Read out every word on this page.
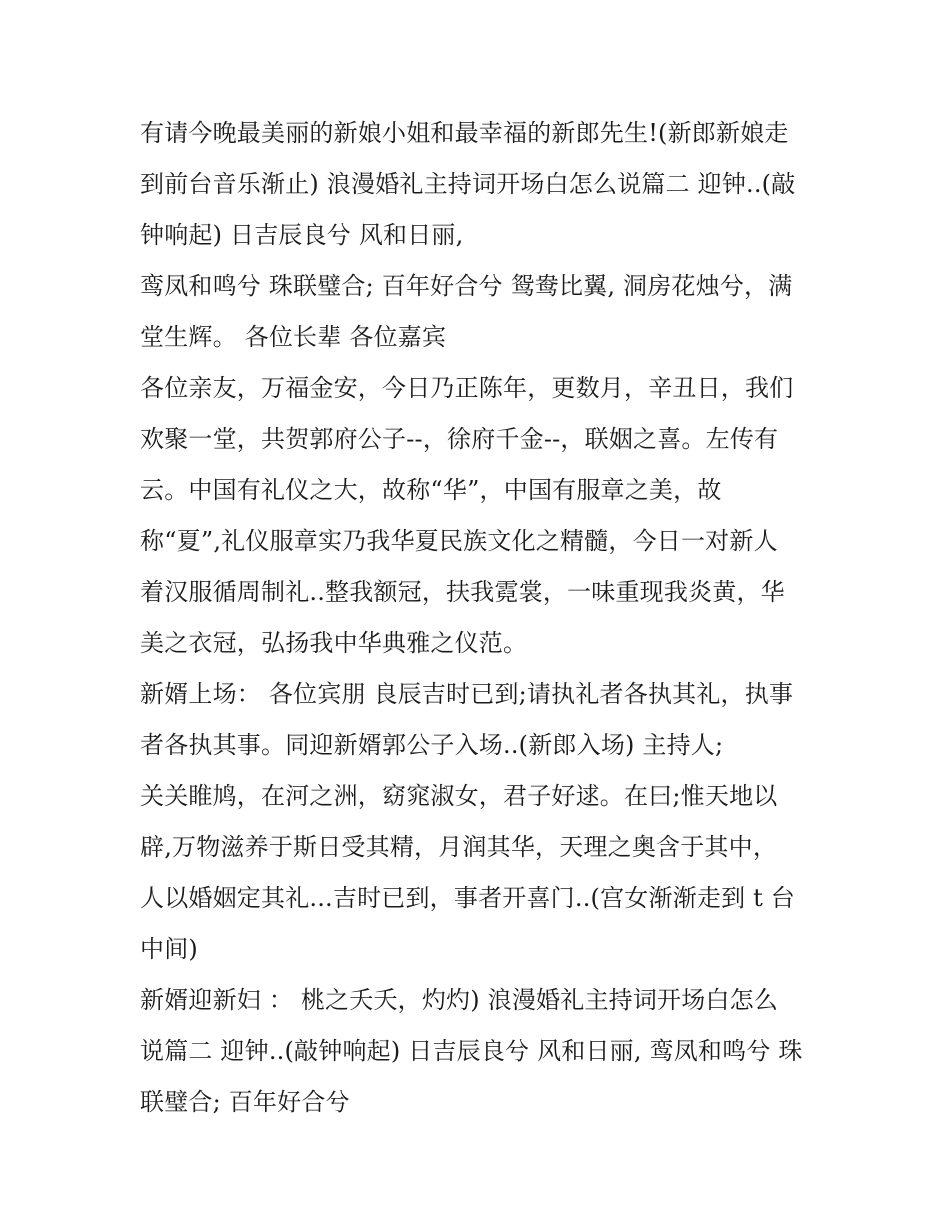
有请今晚最美丽的新娘小姐和最幸福的新郎先生!(新郎新娘走
到前台音乐渐止) 浪漫婚礼主持词开场白怎么说篇二 迎钟..(敲
钟响起) 日吉辰良兮 风和日丽,
鸾凤和鸣兮 珠联璧合; 百年好合兮 鸳鸯比翼, 洞房花烛兮，满
堂生辉。 各位长辈 各位嘉宾
各位亲友，万福金安，今日乃正陈年，更数月，辛丑日，我们
欢聚一堂，共贺郭府公子--，徐府千金--，联姻之喜。左传有
云。中国有礼仪之大，故称“华”，中国有服章之美，故
称“夏”,礼仪服章实乃我华夏民族文化之精髓，今日一对新人
着汉服循周制礼..整我额冠，扶我霓裳，一味重现我炎黄，华
美之衣冠，弘扬我中华典雅之仪范。
新婿上场： 各位宾朋 良辰吉时已到;请执礼者各执其礼，执事
者各执其事。同迎新婿郭公子入场..(新郎入场) 主持人;
关关睢鸠，在河之洲，窈窕淑女，君子好逑。在曰;惟天地以
辟,万物滋养于斯日受其精，月润其华，天理之奥含于其中，
人以婚姻定其礼...吉时已到，事者开喜门..(宫女渐渐走到 t 台
中间)
新婿迎新妇 ： 桃之夭夭，灼灼) 浪漫婚礼主持词开场白怎么
说篇二 迎钟..(敲钟响起) 日吉辰良兮 风和日丽, 鸾凤和鸣兮 珠
联璧合; 百年好合兮
